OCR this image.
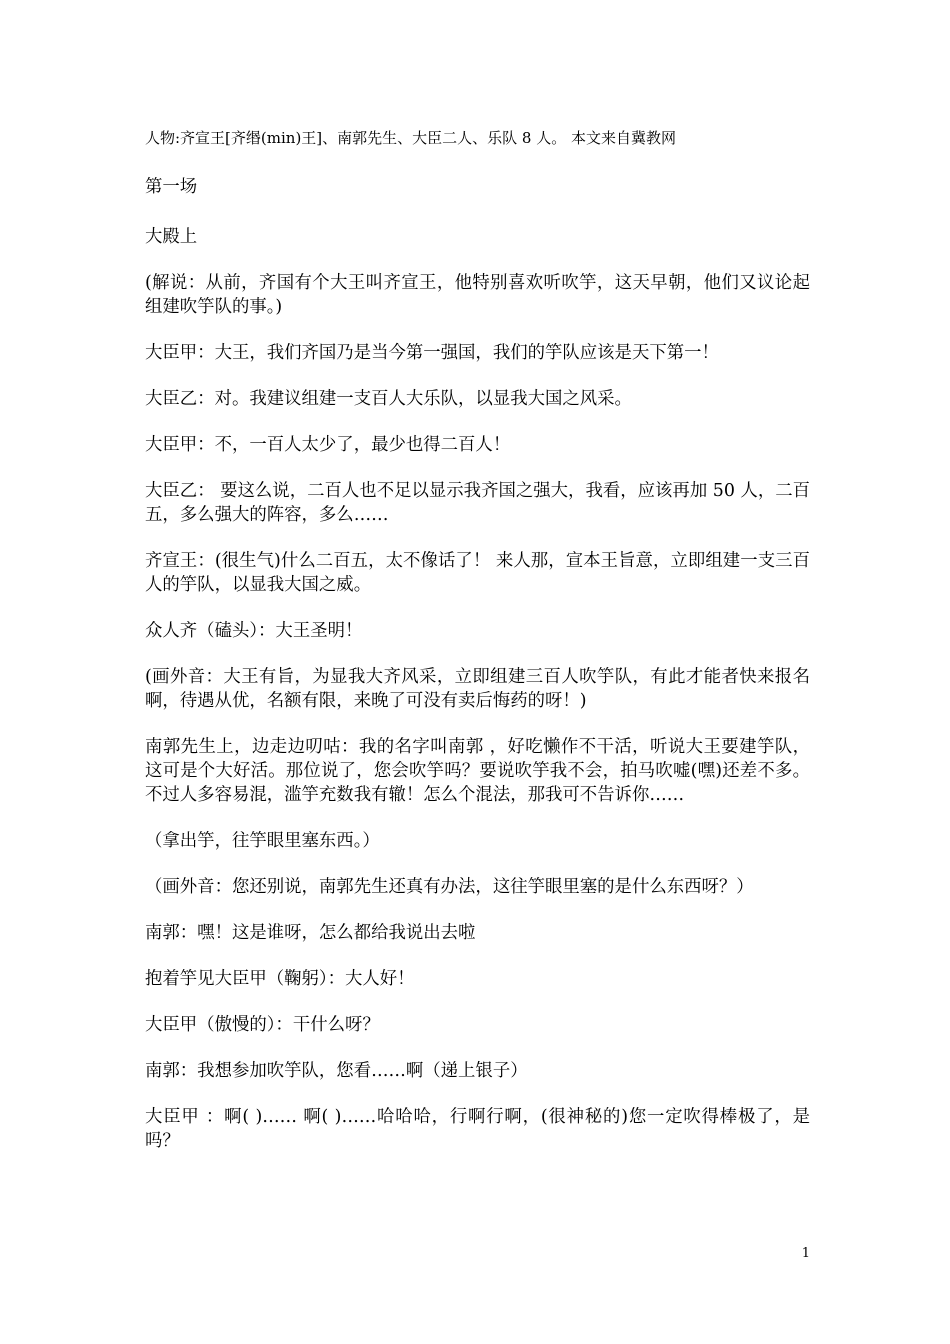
人物:齐宣王[齐缗(min)王]、南郭先生、大臣二人、乐队 8 人。 本文来自冀教网

第一场

大殿上

(解说：从前，齐国有个大王叫齐宣王，他特别喜欢听吹竽，这天早朝，他们又议论起组建吹竽队的事。)

大臣甲：大王，我们齐国乃是当今第一强国，我们的竽队应该是天下第一！

大臣乙：对。我建议组建一支百人大乐队，以显我大国之风采。

大臣甲：不，一百人太少了，最少也得二百人！

大臣乙： 要这么说，二百人也不足以显示我齐国之强大，我看，应该再加 50 人，二百五，多么强大的阵容，多么……

齐宣王：(很生气)什么二百五，太不像话了！ 来人那，宣本王旨意，立即组建一支三百人的竽队，以显我大国之威。

众人齐（磕头）：大王圣明！

(画外音：大王有旨，为显我大齐风采，立即组建三百人吹竽队，有此才能者快来报名啊，待遇从优，名额有限，来晚了可没有卖后悔药的呀！)

南郭先生上，边走边叨咕：我的名字叫南郭 ，好吃懒作不干活，听说大王要建竽队，这可是个大好活。那位说了，您会吹竽吗？要说吹竽我不会，拍马吹嘘(嘿)还差不多。不过人多容易混，滥竽充数我有辙！怎么个混法，那我可不告诉你……

（拿出竽，往竽眼里塞东西。）

（画外音：您还别说，南郭先生还真有办法，这往竽眼里塞的是什么东西呀？）

南郭：嘿！这是谁呀，怎么都给我说出去啦

抱着竽见大臣甲（鞠躬）：大人好！

大臣甲（傲慢的）：干什么呀？

南郭：我想参加吹竽队，您看……啊（递上银子）

大臣甲 ：啊( )…… 啊( )……哈哈哈，行啊行啊，(很神秘的)您一定吹得棒极了，是吗？

1
